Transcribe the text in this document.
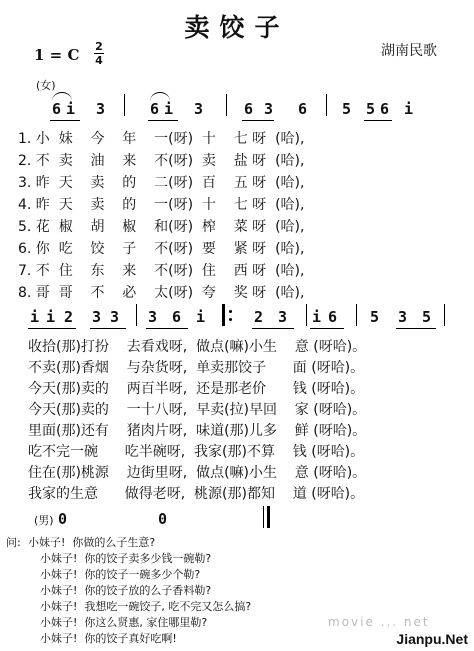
卖饺子
1 = C 2
4
湖南民歌
(女)
6 i 3	6 i 3	6 3 6 5 5 6 i
1. 小  妹    今    年    一(呀)  十    七 呀  (哈),
2. 不  卖    油    来    不(呀)  卖    盐 呀  (哈),
3. 昨  天    卖    的    二(呀)  百    五 呀  (哈),
4. 昨  天    卖    的    一(呀)  十    七 呀  (哈),
5. 花  椒    胡    椒    和(呀)  榨    菜 呀  (哈),
6. 你  吃    饺    子    不(呀)  要    紧 呀  (哈),
7. 不  住    东    来    不(呀)  住    西 呀  (哈),
8. 哥  哥    不    必    太(呀)  夸    奖 呀  (哈),
i i 2 3 3 3 6 i	2 3 i 6 5 3 5
收拾(那)打扮    去看戏呀,  做点(嘛)小生    意 (呀哈)。
不卖(那)香烟    与杂货呀,  单卖那饺子      面 (呀哈)。
今天(那)卖的    两百半呀,  还是那老价      钱 (呀哈)。
今天(那)卖的    一十八呀,  早卖(拉)早回    家 (呀哈)。
里面(那)还有    猪肉片呀,  味道(那)儿多    鲜 (呀哈)。
吃不完一碗      吃半碗呀,  我家(那)不算    钱 (呀哈)。
住在(那)桃源    边街里呀,  做点(嘛)小生    意 (呀哈)。
我家的生意      做得老呀,  桃源(那)都知    道 (呀哈)。
(男) 0	0
问: 小妹子!  你做的么子生意?
小妹子!  你的饺子卖多少钱一碗勒?
小妹子!  你的饺子一碗多少个勒?
小妹子!  你的饺子放的么子香料勒?
小妹子!  我想吃一碗饺子, 吃不完又怎么搞?
小妹子!  你这么贤惠, 家住哪里勒?
小妹子!  你的饺子真好吃啊!
movie ... net
Jianpu.Net
